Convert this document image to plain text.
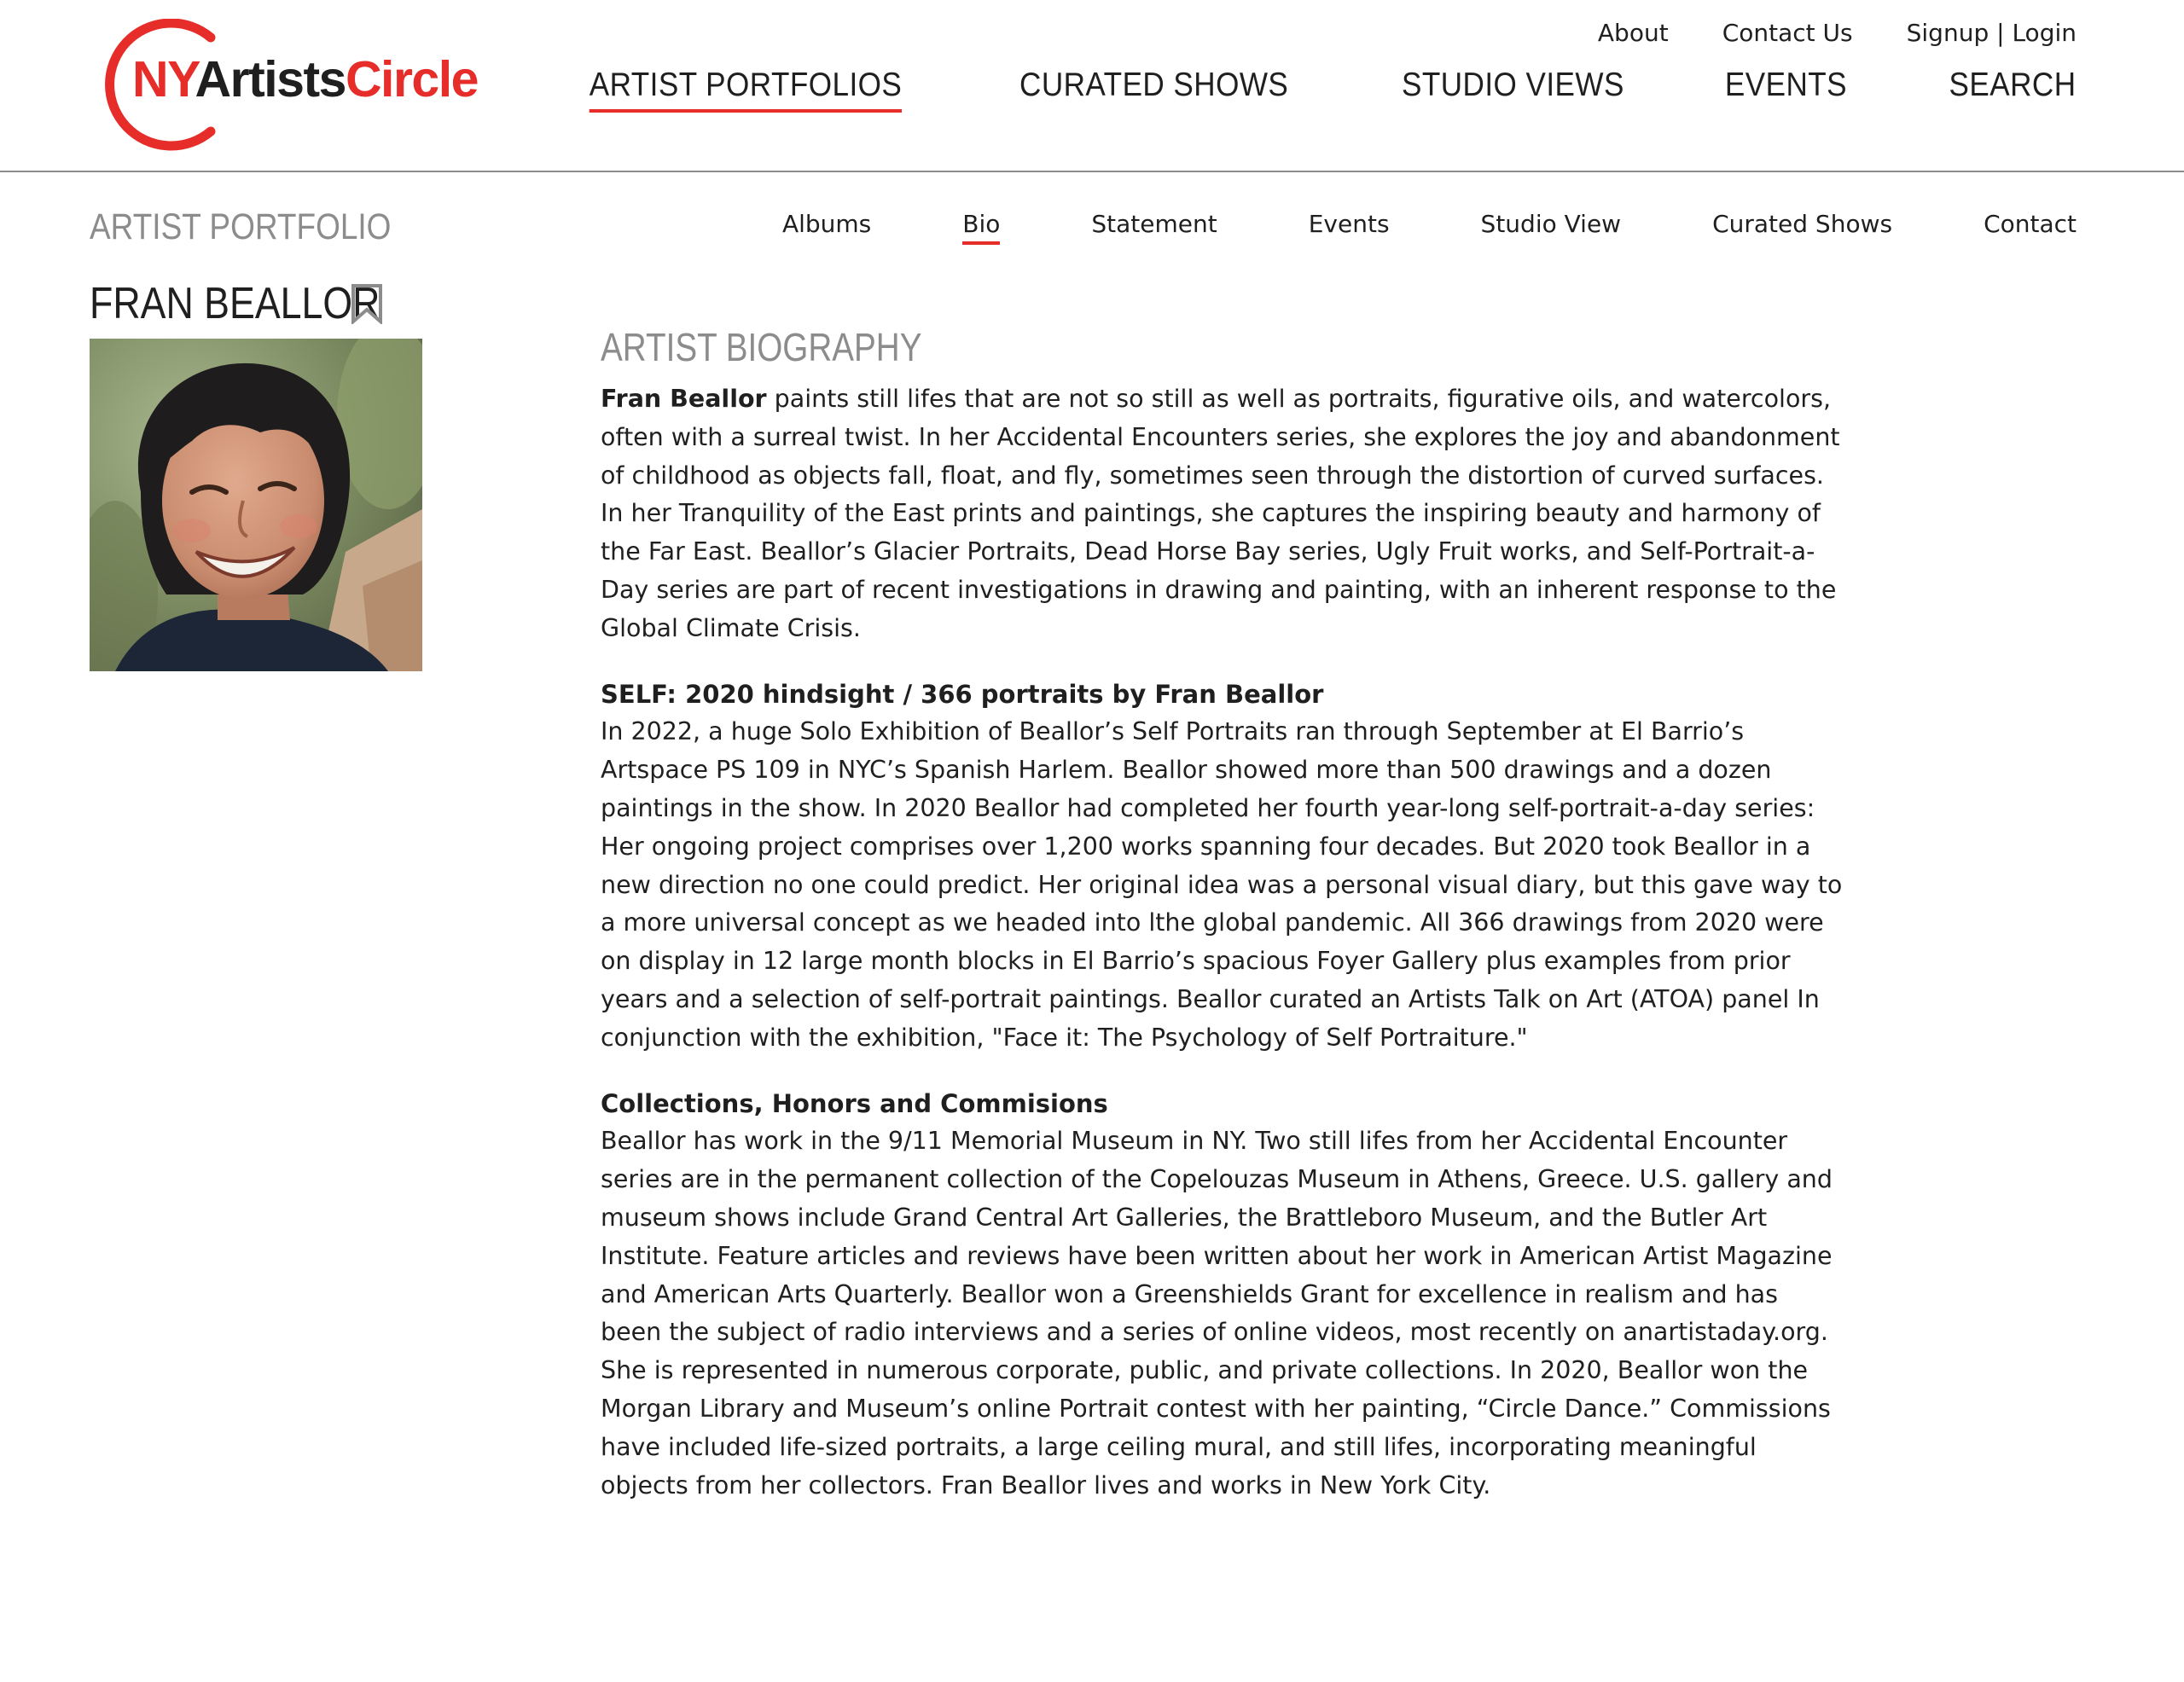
NYArtistsCircle
About Contact Us Signup | Login
ARTIST PORTFOLIOS	CURATED SHOWS	STUDIO VIEWS	EVENTS	SEARCH
ARTIST PORTFOLIO	Albums	Bio	Statement	Events	Studio View	Curated Shows	Contact
FRAN BEALLOR
ARTIST BIOGRAPHY

Fran Beallor paints still lifes that are not so still as well as portraits, figurative oils, and watercolors, often with a surreal twist. In her Accidental Encounters series, she explores the joy and abandonment of childhood as objects fall, float, and fly, sometimes seen through the distortion of curved surfaces. In her Tranquility of the East prints and paintings, she captures the inspiring beauty and harmony of the Far East. Beallor’s Glacier Portraits, Dead Horse Bay series, Ugly Fruit works, and Self-Portrait-a-Day series are part of recent investigations in drawing and painting, with an inherent response to the Global Climate Crisis.

SELF: 2020 hindsight / 366 portraits by Fran Beallor

In 2022, a huge Solo Exhibition of Beallor’s Self Portraits ran through September at El Barrio’s Artspace PS 109 in NYC’s Spanish Harlem. Beallor showed more than 500 drawings and a dozen paintings in the show. In 2020 Beallor had completed her fourth year-long self-portrait-a-day series: Her ongoing project comprises over 1,200 works spanning four decades. But 2020 took Beallor in a new direction no one could predict. Her original idea was a personal visual diary, but this gave way to a more universal concept as we headed into lthe global pandemic. All 366 drawings from 2020 were on display in 12 large month blocks in El Barrio’s spacious Foyer Gallery plus examples from prior years and a selection of self-portrait paintings. Beallor curated an Artists Talk on Art (ATOA) panel In conjunction with the exhibition, "Face it: The Psychology of Self Portraiture."

Collections, Honors and Commisions

Beallor has work in the 9/11 Memorial Museum in NY. Two still lifes from her Accidental Encounter series are in the permanent collection of the Copelouzas Museum in Athens, Greece. U.S. gallery and museum shows include Grand Central Art Galleries, the Brattleboro Museum, and the Butler Art Institute. Feature articles and reviews have been written about her work in American Artist Magazine and American Arts Quarterly. Beallor won a Greenshields Grant for excellence in realism and has been the subject of radio interviews and a series of online videos, most recently on anartistaday.org. She is represented in numerous corporate, public, and private collections. In 2020, Beallor won the Morgan Library and Museum’s online Portrait contest with her painting, “Circle Dance.” Commissions have included life-sized portraits, a large ceiling mural, and still lifes, incorporating meaningful objects from her collectors. Fran Beallor lives and works in New York City.
